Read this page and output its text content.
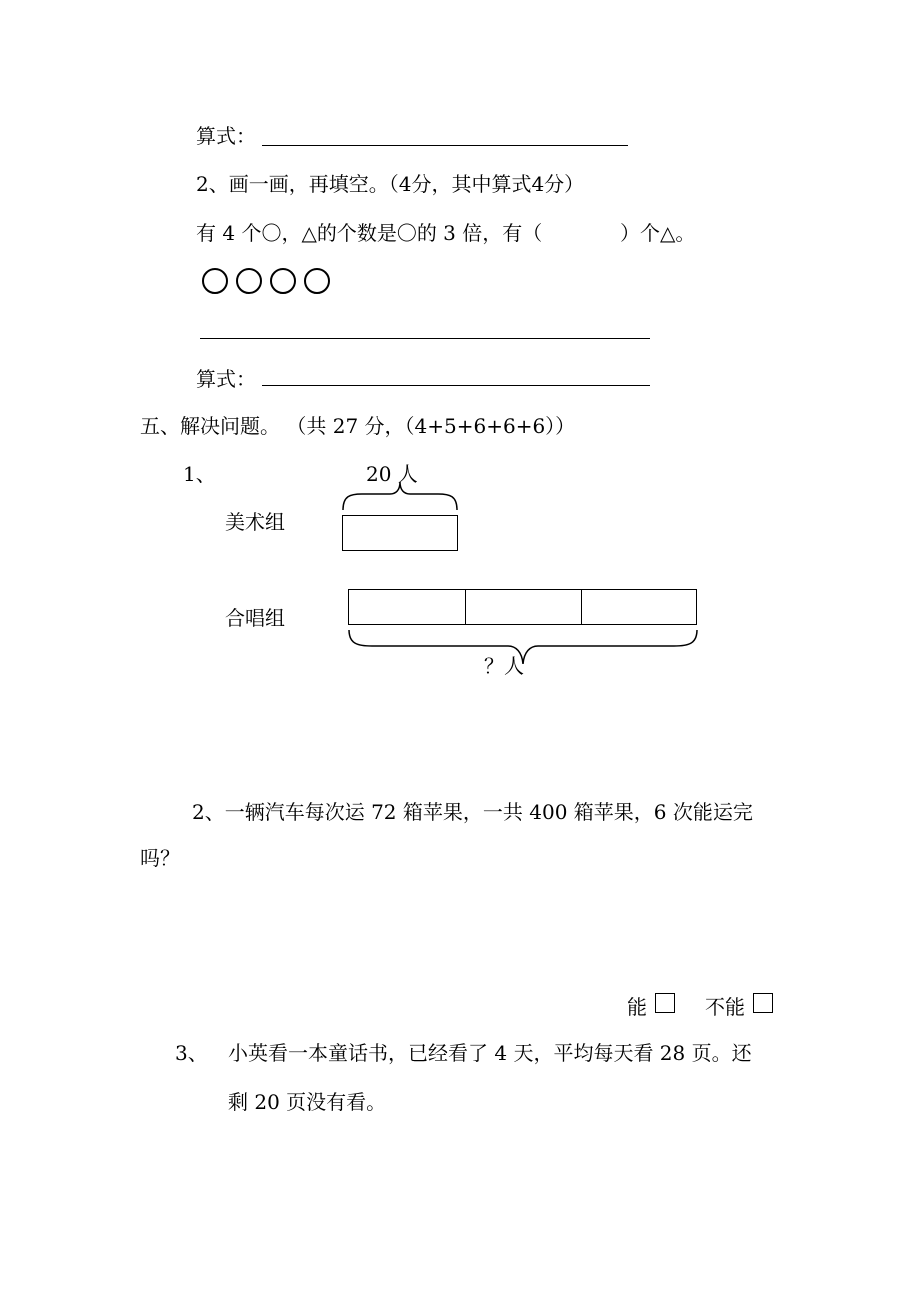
算式：
2、画一画，再填空。（4分，其中算式4分）
有 4 个〇，△的个数是〇的 3 倍，有（	）个△。
算式：
五、解决问题。 （共 27 分，（4+5+6+6+6））
1、	20 人
美术组
合唱组
？人
2、一辆汽车每次运 72 箱苹果，一共 400 箱苹果，6 次能运完
吗？
能	不能
3、 小英看一本童话书，已经看了 4 天，平均每天看 28 页。还
剩 20 页没有看。
